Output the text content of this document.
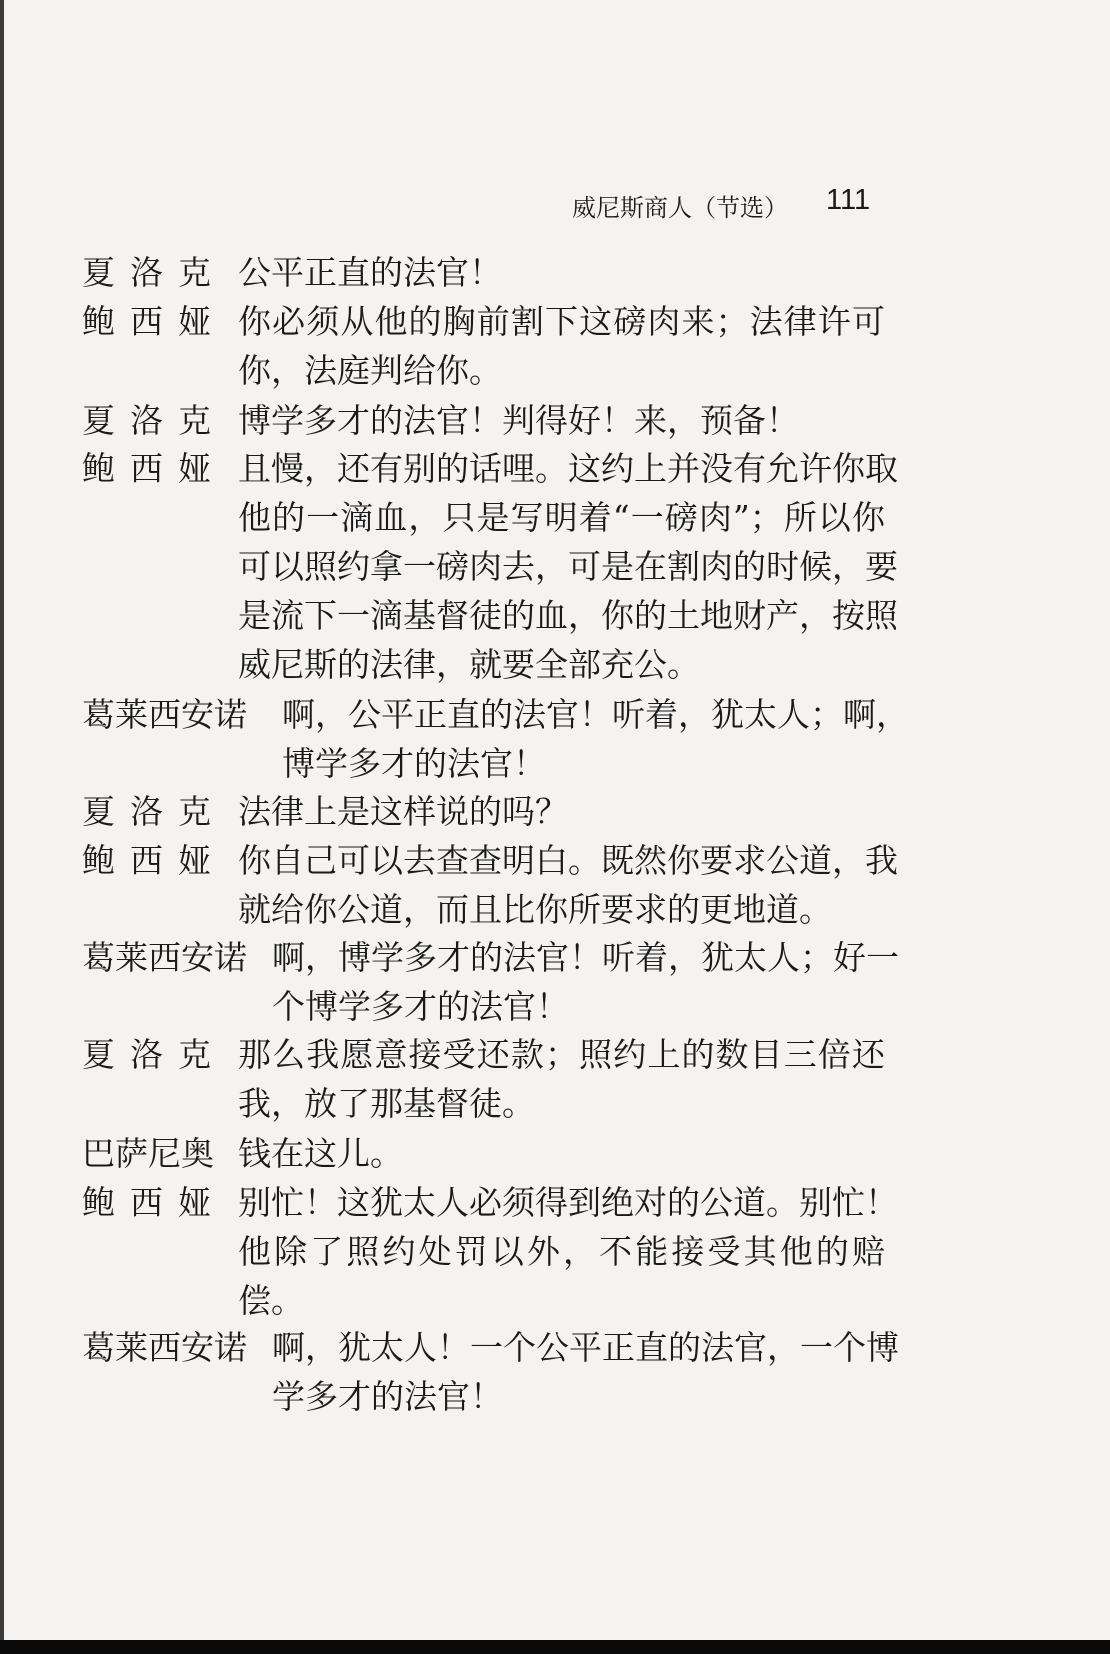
威尼斯商人（节选） 111
夏洛克 公平正直的法官！
鲍西娅 你必须从他的胸前割下这磅肉来；法律许可
你，法庭判给你。
夏洛克 博学多才的法官！判得好！来，预备！
鲍西娅 且慢，还有别的话哩。这约上并没有允许你取
他的一滴血，只是写明着“一磅肉”；所以你
可以照约拿一磅肉去，可是在割肉的时候，要
是流下一滴基督徒的血，你的土地财产，按照
威尼斯的法律，就要全部充公。
葛莱西安诺 啊，公平正直的法官！听着，犹太人；啊，
博学多才的法官！
夏洛克 法律上是这样说的吗？
鲍西娅 你自己可以去查查明白。既然你要求公道，我
就给你公道，而且比你所要求的更地道。
葛莱西安诺 啊，博学多才的法官！听着，犹太人；好一
个博学多才的法官！
夏洛克 那么我愿意接受还款；照约上的数目三倍还
我，放了那基督徒。
巴萨尼奥 钱在这儿。
鲍西娅 别忙！这犹太人必须得到绝对的公道。别忙！
他除了照约处罚以外，不能接受其他的赔
偿。
葛莱西安诺 啊，犹太人！一个公平正直的法官，一个博
学多才的法官！
